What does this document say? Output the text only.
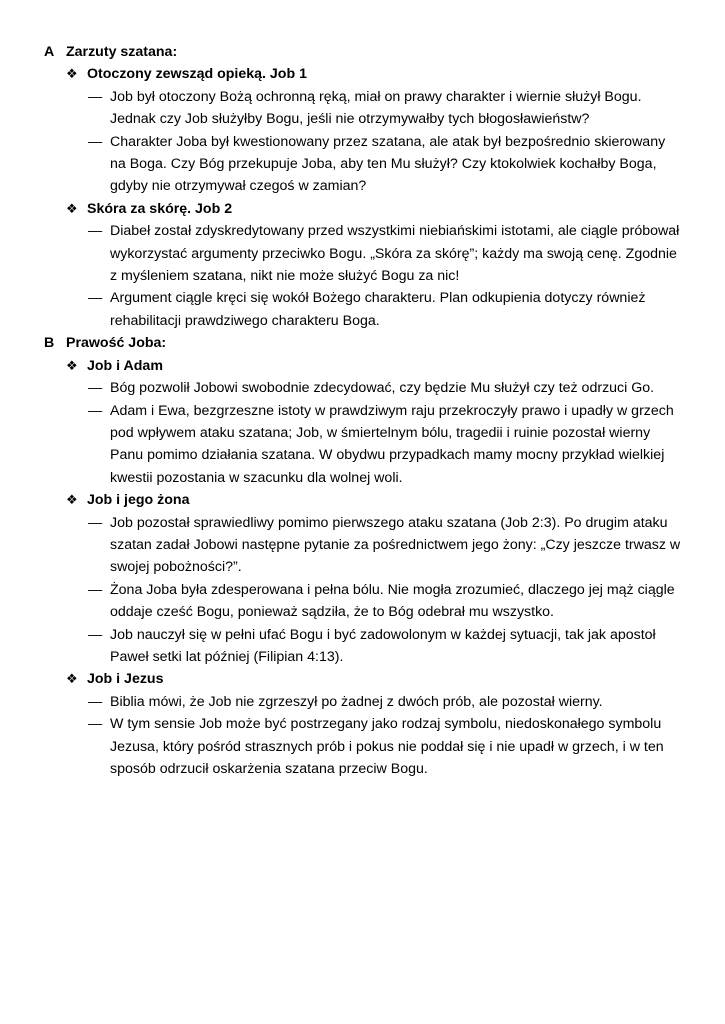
A Zarzuty szatana:
❖ Otoczony zewsząd opieką. Job 1
— Job był otoczony Bożą ochronną ręką, miał on prawy charakter i wiernie służył Bogu. Jednak czy Job służyłby Bogu, jeśli nie otrzymywałby tych błogosławieństw?
— Charakter Joba był kwestionowany przez szatana, ale atak był bezpośrednio skierowany na Boga. Czy Bóg przekupuje Joba, aby ten Mu służył? Czy ktokolwiek kochałby Boga, gdyby nie otrzymywał czegoś w zamian?
❖ Skóra za skórę. Job 2
— Diabeł został zdyskredytowany przed wszystkimi niebiańskimi istotami, ale ciągle próbował wykorzystać argumenty przeciwko Bogu. „Skóra za skórę”; każdy ma swoją cenę. Zgodnie z myśleniem szatana, nikt nie może służyć Bogu za nic!
— Argument ciągle kręci się wokół Bożego charakteru. Plan odkupienia dotyczy również rehabilitacji prawdziwego charakteru Boga.
B Prawość Joba:
❖ Job i Adam
— Bóg pozwolił Jobowi swobodnie zdecydować, czy będzie Mu służył czy też odrzuci Go.
— Adam i Ewa, bezgrzeszne istoty w prawdziwym raju przekroczyły prawo i upadły w grzech pod wpływem ataku szatana; Job, w śmiertelnym bólu, tragedii i ruinie pozostał wierny Panu pomimo działania szatana. W obydwu przypadkach mamy mocny przykład wielkiej kwestii pozostania w szacunku dla wolnej woli.
❖ Job i jego żona
— Job pozostał sprawiedliwy pomimo pierwszego ataku szatana (Job 2:3). Po drugim ataku szatan zadał Jobowi następne pytanie za pośrednictwem jego żony: „Czy jeszcze trwasz w swojej pobożności?”.
— Żona Joba była zdesperowana i pełna bólu. Nie mogła zrozumieć, dlaczego jej mąż ciągle oddaje cześć Bogu, ponieważ sądziła, że to Bóg odebrał mu wszystko.
— Job nauczył się w pełni ufać Bogu i być zadowolonym w każdej sytuacji, tak jak apostoł Paweł setki lat później (Filipian 4:13).
❖ Job i Jezus
— Biblia mówi, że Job nie zgrzeszył po żadnej z dwóch prób, ale pozostał wierny.
— W tym sensie Job może być postrzegany jako rodzaj symbolu, niedoskonałego symbolu Jezusa, który pośród strasznych prób i pokus nie poddał się i nie upadł w grzech, i w ten sposób odrzucił oskarżenia szatana przeciw Bogu.
